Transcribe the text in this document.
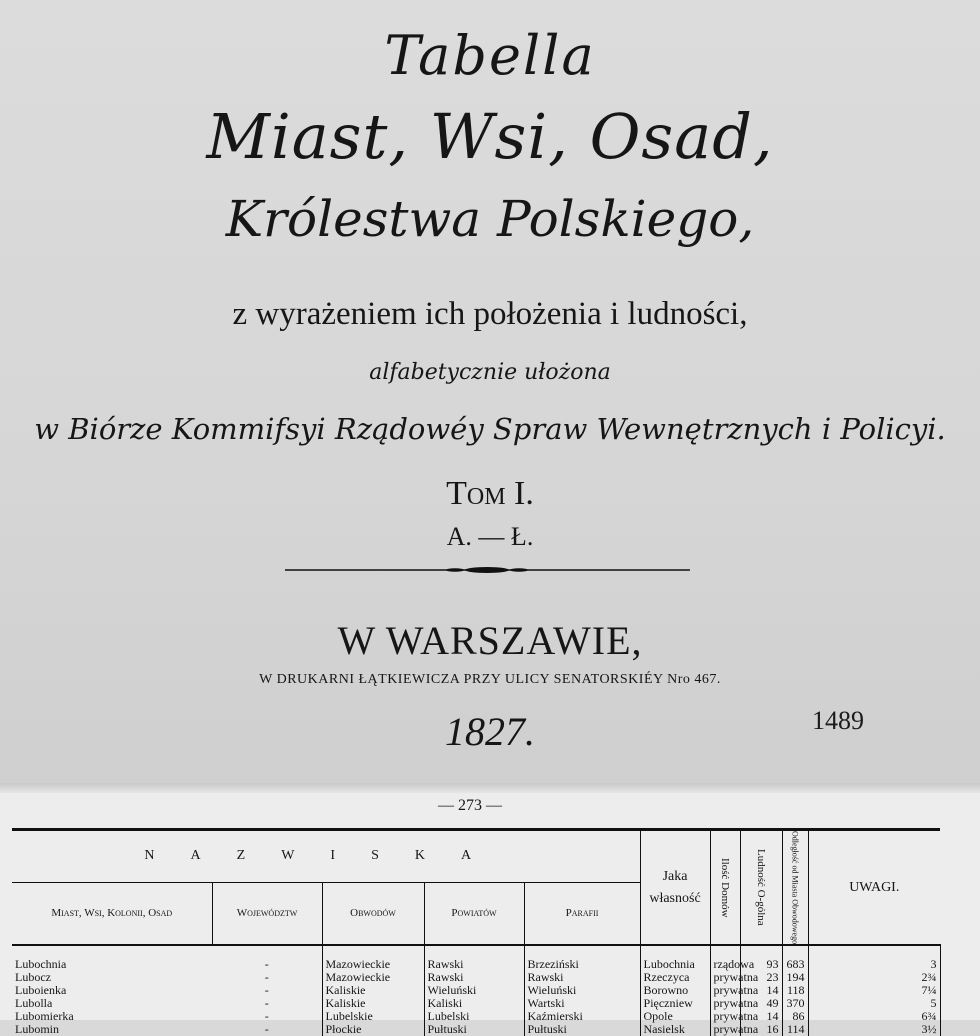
Tabella
Miast, Wsi, Osad,
Królestwa Polskiego,
z wyrażeniem ich położenia i ludności,
alfabetycznie ułożona
w Biórze Kommifsyi Rządowéy Spraw Wewnętrznych i Policyi.
Tom I.
A. — Ł.
W WARSZAWIE,
W DRUKARNI ŁĄTKIEWICZA PRZY ULICY SENATORSKIÉY Nro 467.
1827.	1489
— 273 —
NAZWISKA					Jaka
własność	Ilość Domów	Ludność O-gólna	Odległość od Miasta Obwodowego	UWAGI.	
Miast, Wsi, Kolonii, Osad	Województw	Obwodów	Powiatów	Parafii						
Lubochnia	-	Mazowieckie	Rawski	Brzeziński	Lubochnia	rządowa	93	683	3	
Lubocz	-	Mazowieckie	Rawski	Rawski	Rzeczyca	prywatna	23	194	2¾	
Luboienka	-	Kaliskie	Wieluński	Wieluński	Borowno	prywatna	14	118	7¼	
Lubolla	-	Kaliskie	Kaliski	Wartski	Pięczniew	prywatna	49	370	5	
Lubomierka	-	Lubelskie	Lubelski	Kaźmierski	Opole	prywatna	14	86	6¾	
Lubomin	-	Płockie	Pułtuski	Pułtuski	Nasielsk	prywatna	16	114	3½	
